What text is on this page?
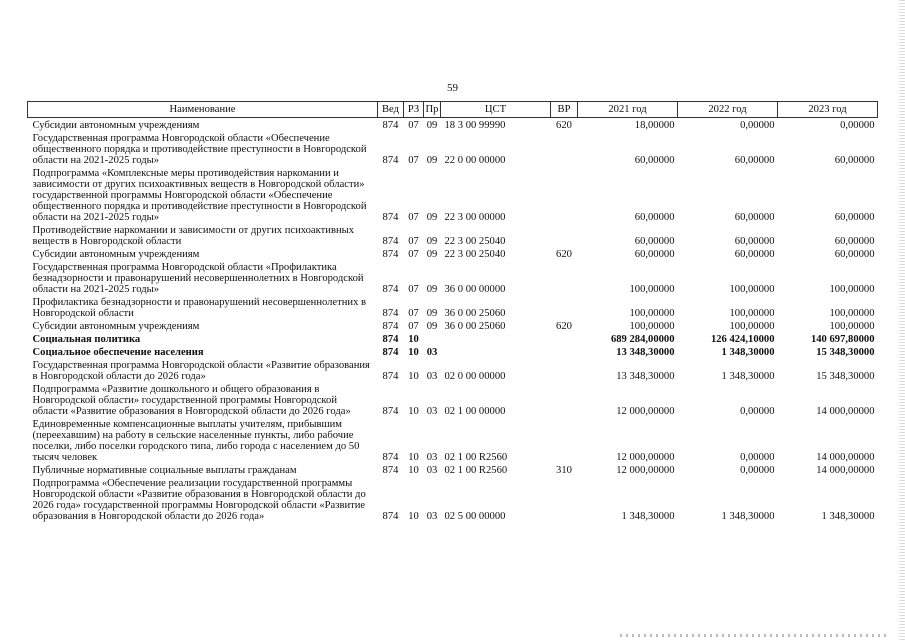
59
Наименование	Вед	РЗ	Пр	ЦСТ	ВР	2021 год	2022 год	2023 год
Субсидии автономным учреждениям	874	07	09	18 3 00 99990	620	18,00000	0,00000	0,00000
Государственная программа Новгородской области «Обеспечение общественного порядка и противодействие преступности в Новгородской области на 2021-2025 годы»	874	07	09	22 0 00 00000		60,00000	60,00000	60,00000
Подпрограмма «Комплексные меры противодействия наркомании и зависимости от других психоактивных веществ в Новгородской области» государственной программы Новгородской области «Обеспечение общественного порядка и противодействие преступности в Новгородской области на 2021-2025 годы»	874	07	09	22 3 00 00000		60,00000	60,00000	60,00000
Противодействие наркомании и зависимости от других психоактивных веществ в Новгородской области	874	07	09	22 3 00 25040		60,00000	60,00000	60,00000
Субсидии автономным учреждениям	874	07	09	22 3 00 25040	620	60,00000	60,00000	60,00000
Государственная программа Новгородской области «Профилактика безнадзорности и правонарушений несовершеннолетних в Новгородской области на 2021-2025 годы»	874	07	09	36 0 00 00000		100,00000	100,00000	100,00000
Профилактика безнадзорности и правонарушений несовершеннолетних в Новгородской области	874	07	09	36 0 00 25060		100,00000	100,00000	100,00000
Субсидии автономным учреждениям	874	07	09	36 0 00 25060	620	100,00000	100,00000	100,00000
Социальная политика	874	10				689 284,00000	126 424,10000	140 697,80000
Социальное обеспечение населения	874	10	03			13 348,30000	1 348,30000	15 348,30000
Государственная программа Новгородской области «Развитие образования в Новгородской области до 2026 года»	874	10	03	02 0 00 00000		13 348,30000	1 348,30000	15 348,30000
Подпрограмма «Развитие дошкольного и общего образования в Новгородской области» государственной программы Новгородской области «Развитие образования в Новгородской области до 2026 года»	874	10	03	02 1 00 00000		12 000,00000	0,00000	14 000,00000
Единовременные компенсационные выплаты учителям, прибывшим (переехавшим) на работу в сельские населенные пункты, либо рабочие поселки, либо поселки городского типа, либо города с населением до 50 тысяч человек	874	10	03	02 1 00 R2560		12 000,00000	0,00000	14 000,00000
Публичные нормативные социальные выплаты гражданам	874	10	03	02 1 00 R2560	310	12 000,00000	0,00000	14 000,00000
Подпрограмма «Обеспечение реализации государственной программы Новгородской области «Развитие образования в Новгородской области до 2026 года» государственной программы Новгородской области «Развитие образования в Новгородской области до 2026 года»	874	10	03	02 5 00 00000		1 348,30000	1 348,30000	1 348,30000
